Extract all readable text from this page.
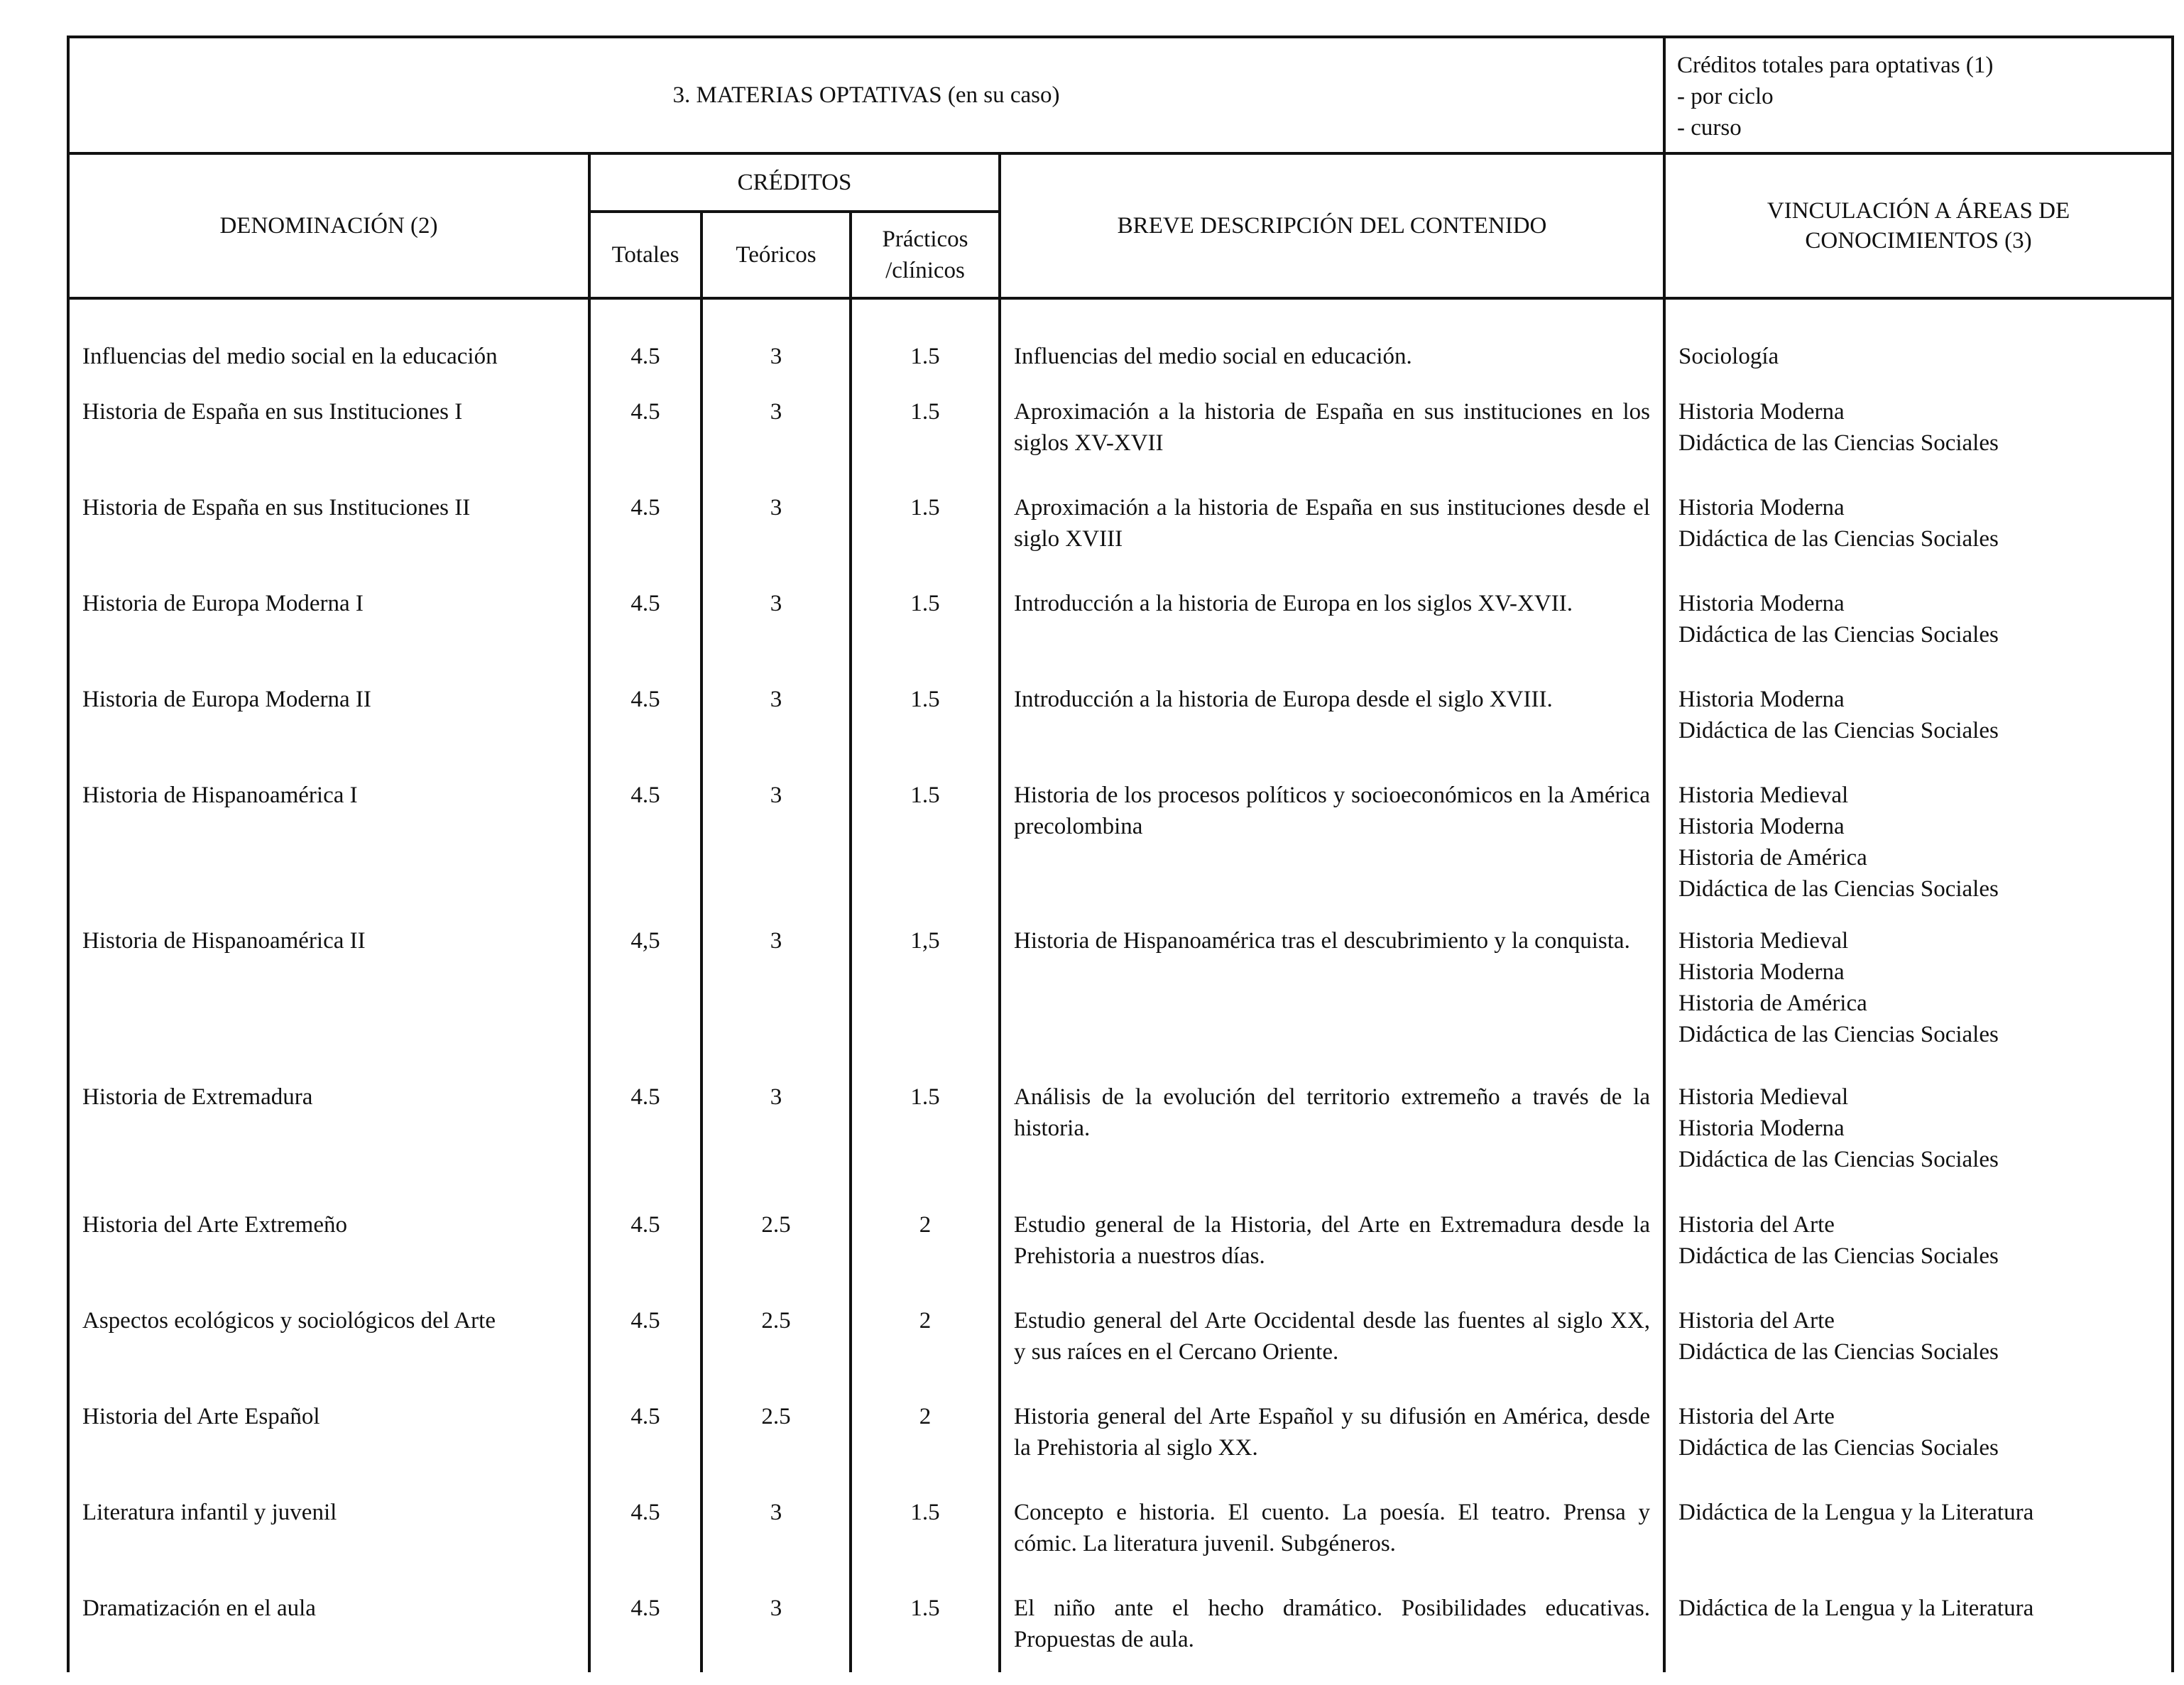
3. MATERIAS OPTATIVAS (en su caso)	
Créditos totales para optativas (1)
- por ciclo
- curso
DENOMINACIÓN (2)	CRÉDITOS			BREVE DESCRIPCIÓN DEL CONTENIDO	VINCULACIÓN A ÁREAS DE CONOCIMIENTOS (3)
	Totales	Teóricos	Prácticos /clínicos		
Influencias del medio social en la educación	4.5	3	1.5	Influencias del medio social en educación.	Sociología

Historia de España en sus Instituciones I	4.5	3	1.5	Aproximación a la historia de España en sus instituciones en los siglos XV-XVII	Historia Moderna
Didáctica de las Ciencias Sociales

Historia de España en sus Instituciones II	4.5	3	1.5	Aproximación a la historia de España en sus instituciones desde el siglo XVIII	Historia Moderna
Didáctica de las Ciencias Sociales

Historia de Europa Moderna I	4.5	3	1.5	Introducción a la historia de Europa en los siglos XV-XVII.	Historia Moderna
Didáctica de las Ciencias Sociales

Historia de Europa Moderna II	4.5	3	1.5	Introducción a la historia de Europa desde el siglo XVIII.	Historia Moderna
Didáctica de las Ciencias Sociales

Historia de Hispanoamérica I	4.5	3	1.5	Historia de los procesos políticos y socioeconómicos en la América precolombina	Historia Medieval
Historia Moderna
Historia de América
Didáctica de las Ciencias Sociales

Historia de Hispanoamérica II	4,5	3	1,5	Historia de Hispanoamérica tras el descubrimiento y la conquista.	Historia Medieval
Historia Moderna
Historia de América
Didáctica de las Ciencias Sociales

Historia de Extremadura	4.5	3	1.5	Análisis de la evolución del territorio extremeño a través de la historia.	Historia Medieval
Historia Moderna
Didáctica de las Ciencias Sociales

Historia del Arte Extremeño	4.5	2.5	2	Estudio general de la Historia, del Arte en Extremadura desde la Prehistoria a nuestros días.	Historia del Arte
Didáctica de las Ciencias Sociales

Aspectos ecológicos y sociológicos del Arte	4.5	2.5	2	Estudio general del Arte Occidental desde las fuentes al siglo XX, y sus raíces en el Cercano Oriente.	Historia del Arte
Didáctica de las Ciencias Sociales

Historia del Arte Español	4.5	2.5	2	Historia general del Arte Español y su difusión en América, desde la Prehistoria al siglo XX.	Historia del Arte
Didáctica de las Ciencias Sociales

Literatura infantil y juvenil	4.5	3	1.5	Concepto e historia. El cuento. La poesía. El teatro. Prensa y cómic. La literatura juvenil. Subgéneros.	Didáctica de la Lengua y la Literatura

Dramatización en el aula	4.5	3	1.5	El niño ante el hecho dramático. Posibilidades educativas. Propuestas de aula.	Didáctica de la Lengua y la Literatura
